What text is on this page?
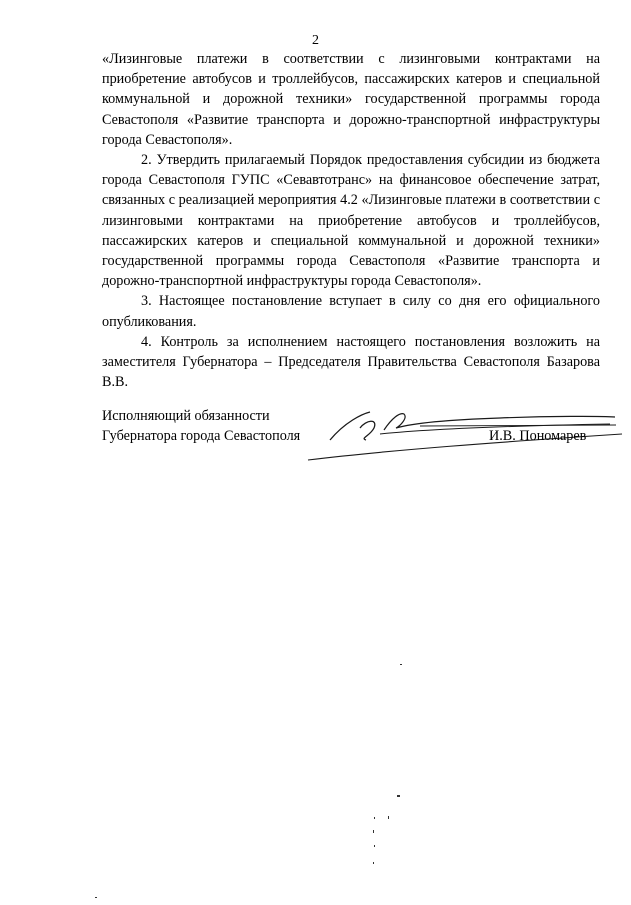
2

«Лизинговые платежи в соответствии с лизинговыми контрактами на приобретение автобусов и троллейбусов, пассажирских катеров и специальной коммунальной и дорожной техники» государственной программы города Севастополя «Развитие транспорта и дорожно-транспортной инфраструктуры города Севастополя».

2. Утвердить прилагаемый Порядок предоставления субсидии из бюджета города Севастополя ГУПС «Севавтотранс» на финансовое обеспечение затрат, связанных с реализацией мероприятия 4.2 «Лизинговые платежи в соответствии с лизинговыми контрактами на приобретение автобусов и троллейбусов, пассажирских катеров и специальной коммунальной и дорожной техники» государственной программы города Севастополя «Развитие транспорта и дорожно-транспортной инфраструктуры города Севастополя».

3. Настоящее постановление вступает в силу со дня его официального опубликования.

4. Контроль за исполнением настоящего постановления возложить на заместителя Губернатора – Председателя Правительства Севастополя Базарова В.В.

Исполняющий обязанности
Губернатора города Севастополя	И.В. Пономарев
